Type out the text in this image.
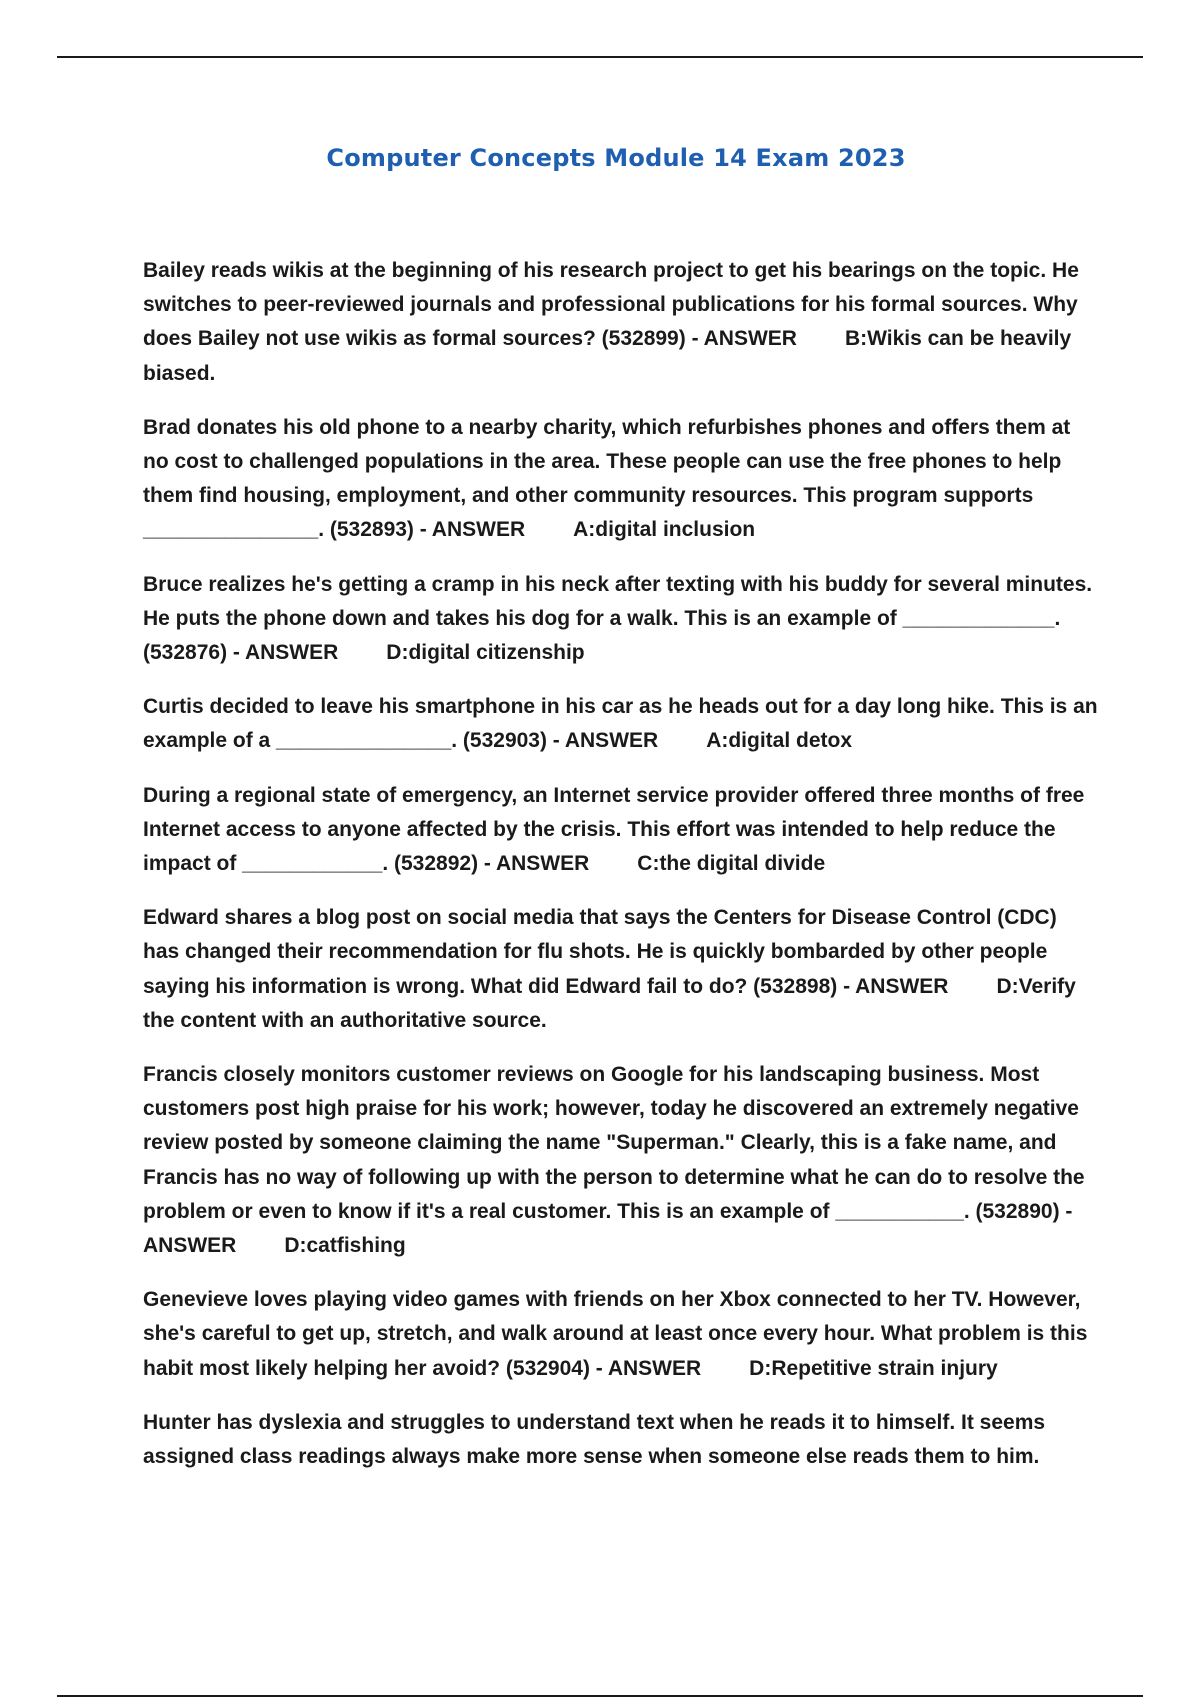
Computer Concepts Module 14 Exam 2023

Bailey reads wikis at the beginning of his research project to get his bearings on the topic. He switches to peer-reviewed journals and professional publications for his formal sources. Why does Bailey not use wikis as formal sources? (532899) - ANSWER B:Wikis can be heavily biased.

Brad donates his old phone to a nearby charity, which refurbishes phones and offers them at no cost to challenged populations in the area. These people can use the free phones to help them find housing, employment, and other community resources. This program supports _______________. (532893) - ANSWER A:digital inclusion

Bruce realizes he's getting a cramp in his neck after texting with his buddy for several minutes. He puts the phone down and takes his dog for a walk. This is an example of _____________. (532876) - ANSWER D:digital citizenship

Curtis decided to leave his smartphone in his car as he heads out for a day long hike. This is an example of a _______________. (532903) - ANSWER A:digital detox

During a regional state of emergency, an Internet service provider offered three months of free Internet access to anyone affected by the crisis. This effort was intended to help reduce the impact of ____________. (532892) - ANSWER C:the digital divide

Edward shares a blog post on social media that says the Centers for Disease Control (CDC) has changed their recommendation for flu shots. He is quickly bombarded by other people saying his information is wrong. What did Edward fail to do? (532898) - ANSWER D:Verify the content with an authoritative source.

Francis closely monitors customer reviews on Google for his landscaping business. Most customers post high praise for his work; however, today he discovered an extremely negative review posted by someone claiming the name "Superman." Clearly, this is a fake name, and Francis has no way of following up with the person to determine what he can do to resolve the problem or even to know if it's a real customer. This is an example of ___________. (532890) - ANSWER D:catfishing

Genevieve loves playing video games with friends on her Xbox connected to her TV. However, she's careful to get up, stretch, and walk around at least once every hour. What problem is this habit most likely helping her avoid? (532904) - ANSWER D:Repetitive strain injury

Hunter has dyslexia and struggles to understand text when he reads it to himself. It seems assigned class readings always make more sense when someone else reads them to him.
